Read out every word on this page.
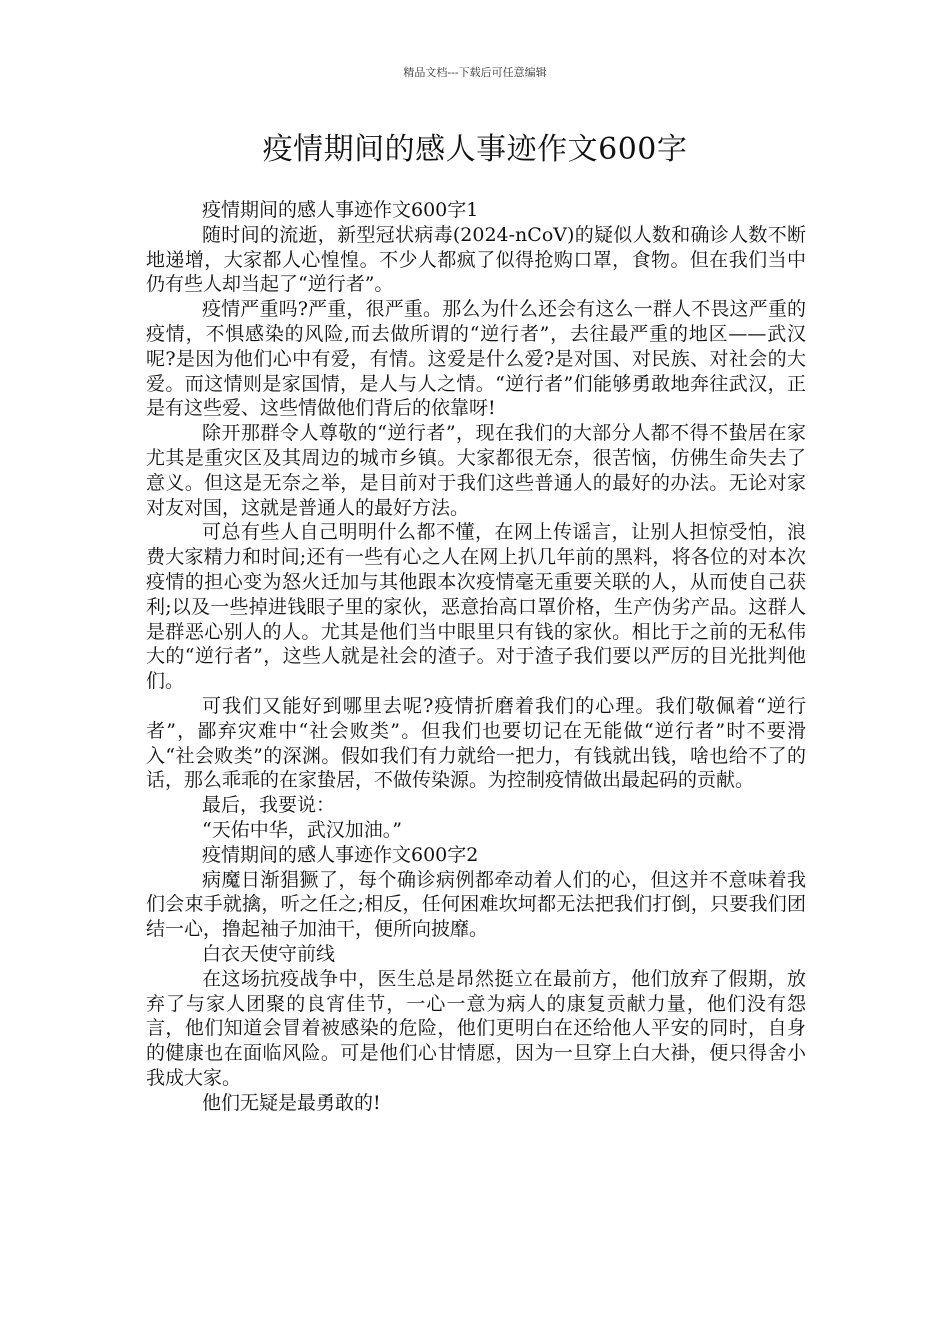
精品文档---下载后可任意编辑
疫情期间的感人事迹作文600字

疫情期间的感人事迹作文600字1

随时间的流逝，新型冠状病毒(2024-nCoV)的疑似人数和确诊人数不断地递增，大家都人心惶惶。不少人都疯了似得抢购口罩，食物。但在我们当中仍有些人却当起了“逆行者”。

疫情严重吗?严重，很严重。那么为什么还会有这么一群人不畏这严重的疫情，不惧感染的风险,而去做所谓的“逆行者”，去往最严重的地区——武汉呢?是因为他们心中有爱，有情。这爱是什么爱?是对国、对民族、对社会的大爱。而这情则是家国情，是人与人之情。“逆行者”们能够勇敢地奔往武汉，正是有这些爱、这些情做他们背后的依靠呀!

除开那群令人尊敬的“逆行者”，现在我们的大部分人都不得不蛰居在家尤其是重灾区及其周边的城市乡镇。大家都很无奈，很苦恼，仿佛生命失去了意义。但这是无奈之举，是目前对于我们这些普通人的最好的办法。无论对家对友对国，这就是普通人的最好方法。

可总有些人自己明明什么都不懂，在网上传谣言，让别人担惊受怕，浪费大家精力和时间;还有一些有心之人在网上扒几年前的黑料，将各位的对本次疫情的担心变为怒火迁加与其他跟本次疫情毫无重要关联的人，从而使自己获利;以及一些掉进钱眼子里的家伙，恶意抬高口罩价格，生产伪劣产品。这群人是群恶心别人的人。尤其是他们当中眼里只有钱的家伙。相比于之前的无私伟大的“逆行者”，这些人就是社会的渣子。对于渣子我们要以严厉的目光批判他们。

可我们又能好到哪里去呢?疫情折磨着我们的心理。我们敬佩着“逆行者”，鄙弃灾难中“社会败类”。但我们也要切记在无能做“逆行者”时不要滑入“社会败类”的深渊。假如我们有力就给一把力，有钱就出钱，啥也给不了的话，那么乖乖的在家蛰居，不做传染源。为控制疫情做出最起码的贡献。

最后，我要说：

“天佑中华，武汉加油。”

疫情期间的感人事迹作文600字2

病魔日渐猖獗了，每个确诊病例都牵动着人们的心，但这并不意味着我们会束手就擒，听之任之;相反，任何困难坎坷都无法把我们打倒，只要我们团结一心，撸起袖子加油干，便所向披靡。

白衣天使守前线

在这场抗疫战争中，医生总是昂然挺立在最前方，他们放弃了假期，放弃了与家人团聚的良宵佳节，一心一意为病人的康复贡献力量，他们没有怨言，他们知道会冒着被感染的危险，他们更明白在还给他人平安的同时，自身的健康也在面临风险。可是他们心甘情愿，因为一旦穿上白大褂，便只得舍小我成大家。

他们无疑是最勇敢的!
